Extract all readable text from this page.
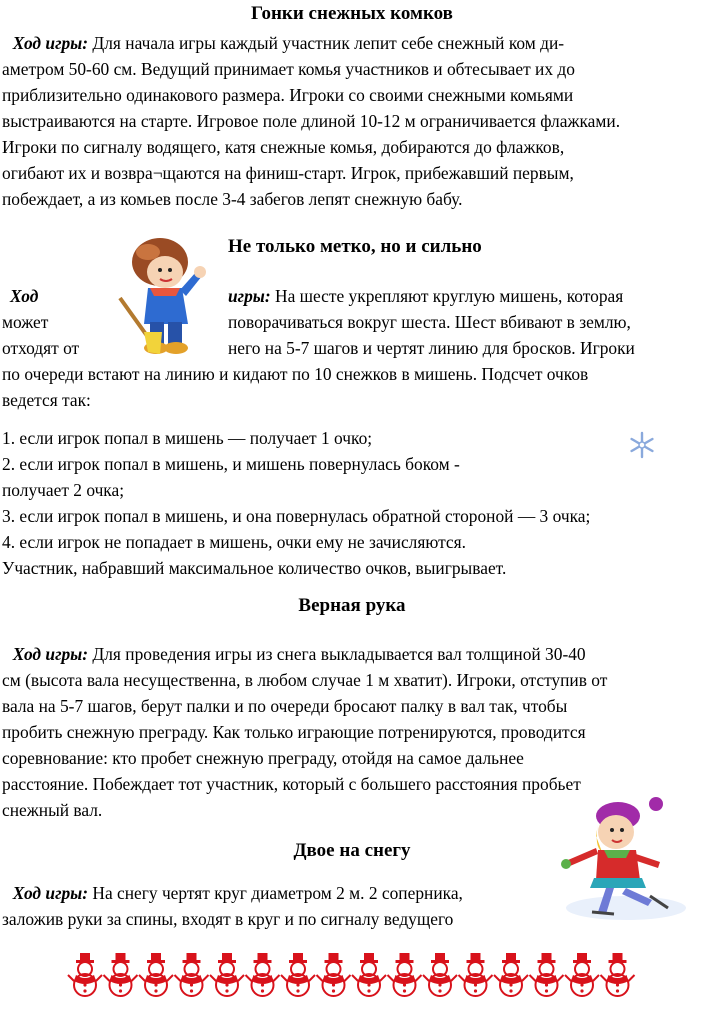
Гонки снежных комков
Ход игры: Для начала игры каждый участник лепит себе снежный ком ди-
аметром 50-60 см. Ведущий принимает комья участников и обтесывает их до
приблизительно одинакового размера. Игроки со своими снежными комьями
выстраиваются на старте. Игровое поле длиной 10-12 м ограничивается флажками.
Игроки по сигналу водящего, катя снежные комья, добираются до флажков,
огибают их и возвра¬щаются на финиш-старт. Игрок, прибежавший первым,
побеждает, а из комьев после 3-4 забегов лепят снежную бабу.
Не только метко, но и сильно
Ход	игры: На шесте укрепляют круглую мишень, которая
может	поворачиваться вокруг шеста. Шест вбивают в землю,
отходят от	него на 5-7 шагов и чертят линию для бросков. Игроки
по очереди встают на линию и кидают по 10 снежков в мишень. Подсчет очков
ведется так:
1. если игрок попал в мишень — получает 1 очко;
2. если игрок попал в мишень, и мишень повернулась боком -
получает 2 очка;
3. если игрок попал в мишень, и она повернулась обратной стороной — 3 очка;
4. если игрок не попадает в мишень, очки ему не зачисляются.
Участник, набравший максимальное количество очков, выигрывает.
Верная рука
Ход игры: Для проведения игры из снега выкладывается вал толщиной 30-40
см (высота вала несущественна, в любом случае 1 м хватит). Игроки, отступив от
вала на 5-7 шагов, берут палки и по очереди бросают палку в вал так, чтобы
пробить снежную преграду. Как только играющие потренируются, проводится
соревнование: кто пробет снежную преграду, отойдя на самое дальнее
расстояние. Побеждает тот участник, который с большего расстояния пробьет
снежный вал.
Двое на снегу
Ход игры: На снегу чертят круг диаметром 2 м. 2 соперника,
заложив руки за спины, входят в круг и по сигналу ведущего
